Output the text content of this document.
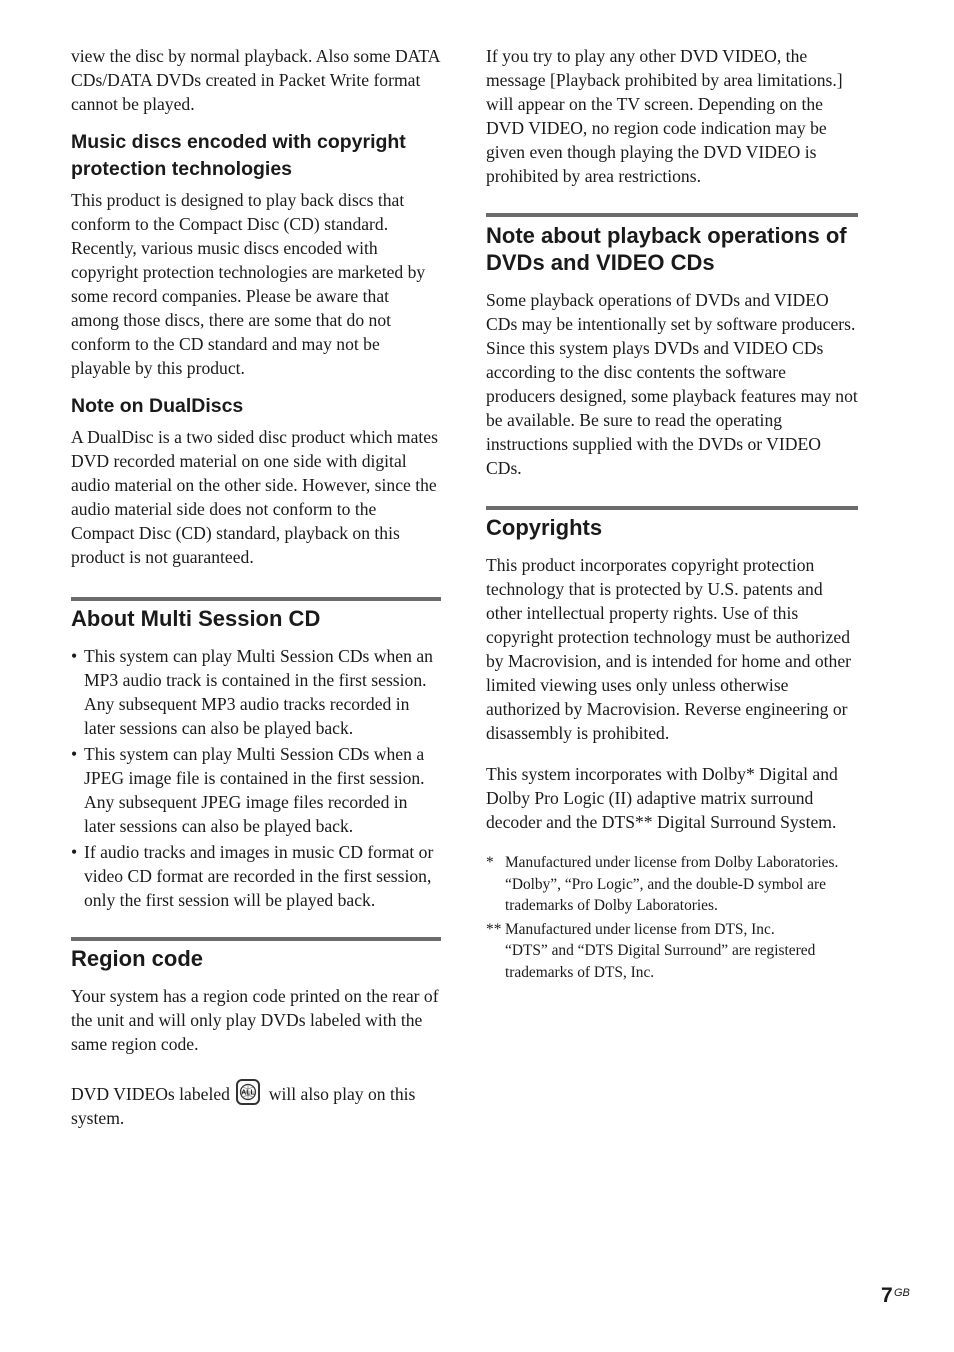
view the disc by normal playback. Also some DATA CDs/DATA DVDs created in Packet Write format cannot be played.

Music discs encoded with copyright protection technologies

This product is designed to play back discs that conform to the Compact Disc (CD) standard. Recently, various music discs encoded with copyright protection technologies are marketed by some record companies. Please be aware that among those discs, there are some that do not conform to the CD standard and may not be playable by this product.

Note on DualDiscs

A DualDisc is a two sided disc product which mates DVD recorded material on one side with digital audio material on the other side. However, since the audio material side does not conform to the Compact Disc (CD) standard, playback on this product is not guaranteed.

About Multi Session CD
• This system can play Multi Session CDs when an MP3 audio track is contained in the first session. Any subsequent MP3 audio tracks recorded in later sessions can also be played back.
• This system can play Multi Session CDs when a JPEG image file is contained in the first session. Any subsequent JPEG image files recorded in later sessions can also be played back.
• If audio tracks and images in music CD format or video CD format are recorded in the first session, only the first session will be played back.
Region code

Your system has a region code printed on the rear of the unit and will only play DVDs labeled with the same region code.

DVD VIDEOs labeled ALL will also play on this system.

If you try to play any other DVD VIDEO, the message [Playback prohibited by area limitations.] will appear on the TV screen. Depending on the DVD VIDEO, no region code indication may be given even though playing the DVD VIDEO is prohibited by area restrictions.

Note about playback operations of DVDs and VIDEO CDs

Some playback operations of DVDs and VIDEO CDs may be intentionally set by software producers. Since this system plays DVDs and VIDEO CDs according to the disc contents the software producers designed, some playback features may not be available. Be sure to read the operating instructions supplied with the DVDs or VIDEO CDs.

Copyrights

This product incorporates copyright protection technology that is protected by U.S. patents and other intellectual property rights. Use of this copyright protection technology must be authorized by Macrovision, and is intended for home and other limited viewing uses only unless otherwise authorized by Macrovision. Reverse engineering or disassembly is prohibited.

This system incorporates with Dolby* Digital and Dolby Pro Logic (II) adaptive matrix surround decoder and the DTS** Digital Surround System.

* Manufactured under license from Dolby Laboratories.
“Dolby”, “Pro Logic”, and the double-D symbol are trademarks of Dolby Laboratories.
** Manufactured under license from DTS, Inc.
“DTS” and “DTS Digital Surround” are registered trademarks of DTS, Inc.
7 GB
